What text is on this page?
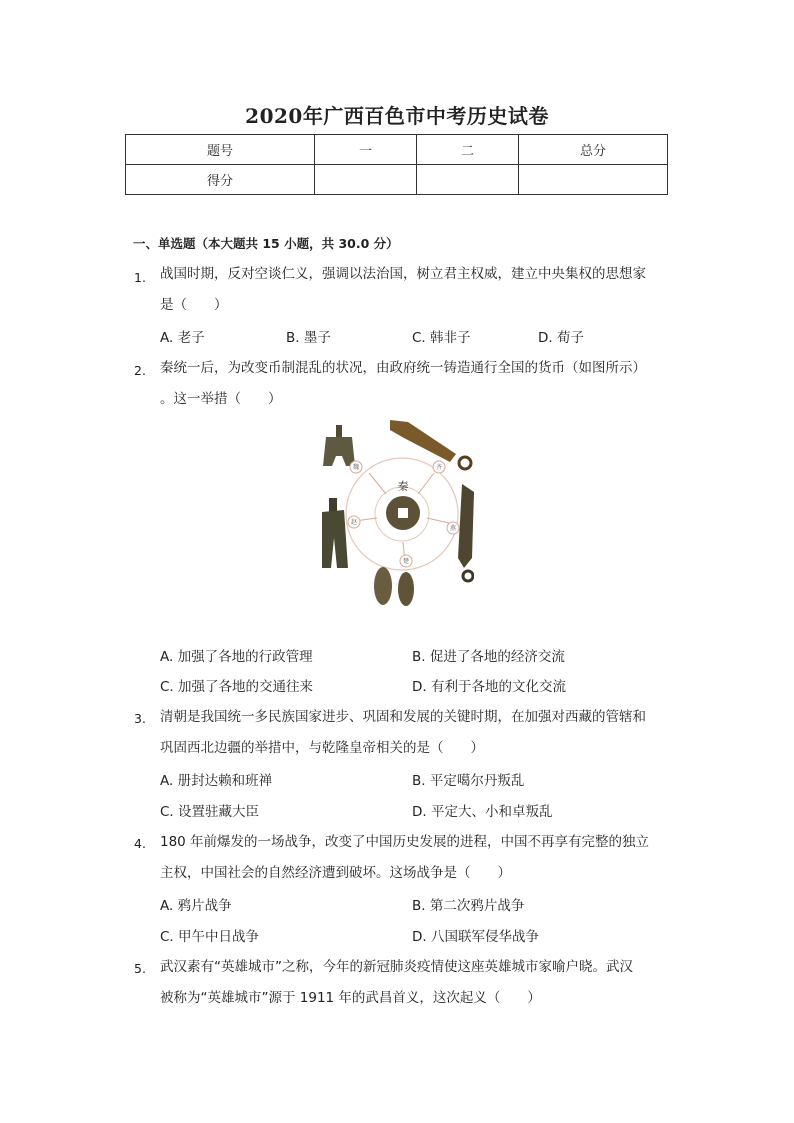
2020年广西百色市中考历史试卷
题号	一	二	总分
得分			
一、单选题（本大题共 15 小题，共 30.0 分）
1. 战国时期，反对空谈仁义，强调以法治国，树立君主权威，建立中央集权的思想家
是（　　）
A. 老子	B. 墨子	C. 韩非子	D. 荀子
2. 秦统一后，为改变币制混乱的状况，由政府统一铸造通行全国的货币（如图所示）
。这一举措（　　）
秦
魏	齐
赵
燕
楚
A. 加强了各地的行政管理	B. 促进了各地的经济交流
C. 加强了各地的交通往来	D. 有利于各地的文化交流
3. 清朝是我国统一多民族国家进步、巩固和发展的关键时期，在加强对西藏的管辖和
巩固西北边疆的举措中，与乾隆皇帝相关的是（　　）
A. 册封达赖和班禅	B. 平定噶尔丹叛乱
C. 设置驻藏大臣	D. 平定大、小和卓叛乱
4. 180 年前爆发的一场战争，改变了中国历史发展的进程，中国不再享有完整的独立
主权，中国社会的自然经济遭到破坏。这场战争是（　　）
A. 鸦片战争	B. 第二次鸦片战争
C. 甲午中日战争	D. 八国联军侵华战争
5. 武汉素有“英雄城市”之称，今年的新冠肺炎疫情使这座英雄城市家喻户晓。武汉
被称为“英雄城市”源于 1911 年的武昌首义，这次起义（　　）
